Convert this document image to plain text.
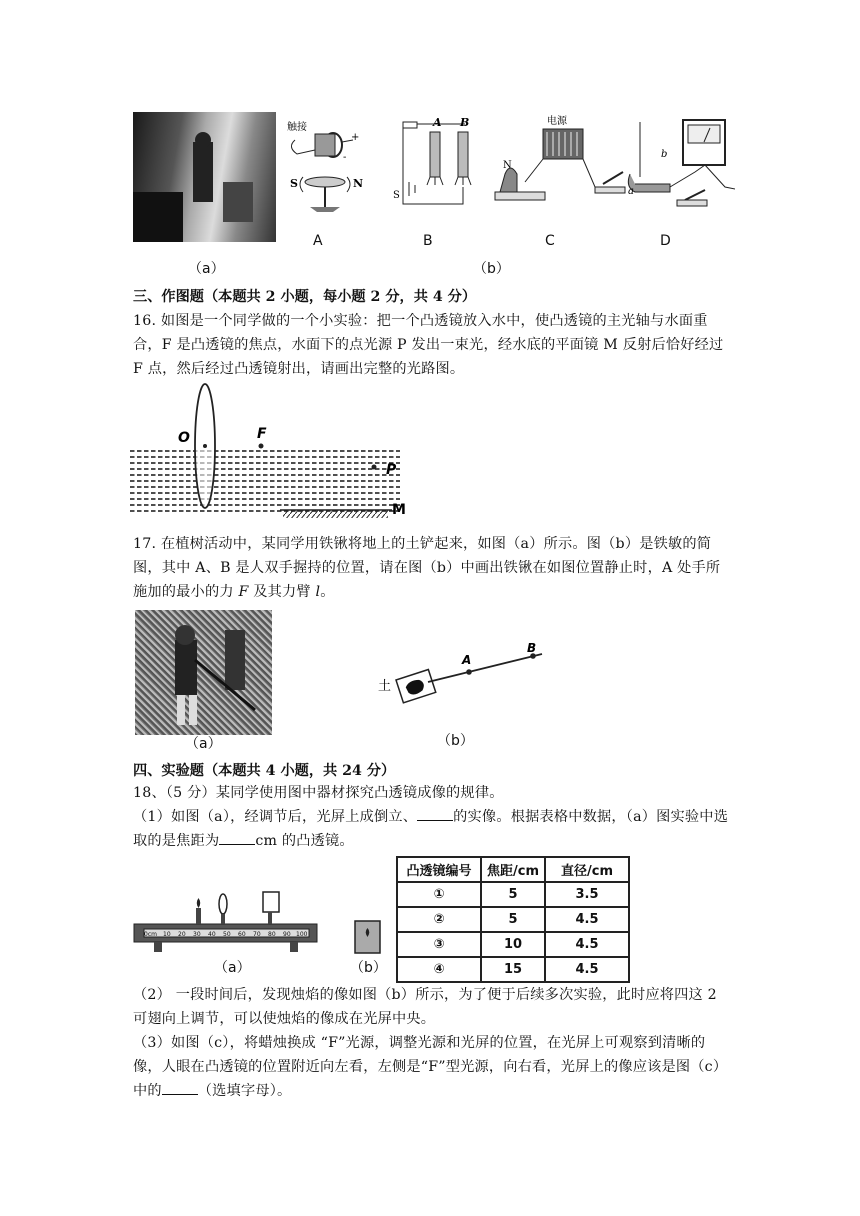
（a）
触接
+
-
S	N
A B
S
电源
N
b
a
A	B	C	D
（b）
三、作图题（本题共 2 小题，每小题 2 分，共 4 分）
16. 如图是一个同学做的一个小实验：把一个凸透镜放入水中，使凸透镜的主光轴与水面重合，F 是凸透镜的焦点，水面下的点光源 P 发出一束光，经水底的平面镜 M 反射后恰好经过 F 点，然后经过凸透镜射出，请画出完整的光路图。
O	F
P
M
17. 在植树活动中，某同学用铁锹将地上的土铲起来，如图（a）所示。图（b）是铁敏的简图，其中 A、B 是人双手握持的位置，请在图（b）中画出铁锹在如图位置静止时，A 处手所施加的最小的力 F 及其力臂 l。
（a）
土
A
B
（b）
四、实验题（本题共 4 小题，共 24 分）
18、（5 分）某同学使用图中器材探究凸透镜成像的规律。
（1）如图（a），经调节后，光屏上成倒立、	的实像。根据表格中数据，（a）图实验中选取的是焦距为	cm 的凸透镜。
0cm 10 20 30 40 50 60 70 80 90 100
（a）	（b）
凸透镜编号	焦距/cm	直径/cm
①	5	3.5
②	5	4.5
③	10	4.5
④	15	4.5
（2） 一段时间后，发现烛焰的像如图（b）所示，为了便于后续多次实验，此时应将四这 2 可翅向上调节，可以使烛焰的像成在光屏中央。
（3）如图（c），将蜡烛换成 “F”光源，调整光源和光屏的位置，在光屏上可观察到清晰的像，人眼在凸透镜的位置附近向左看，左侧是“F”型光源，向右看，光屏上的像应该是图（c）中的	（选填字母）。
